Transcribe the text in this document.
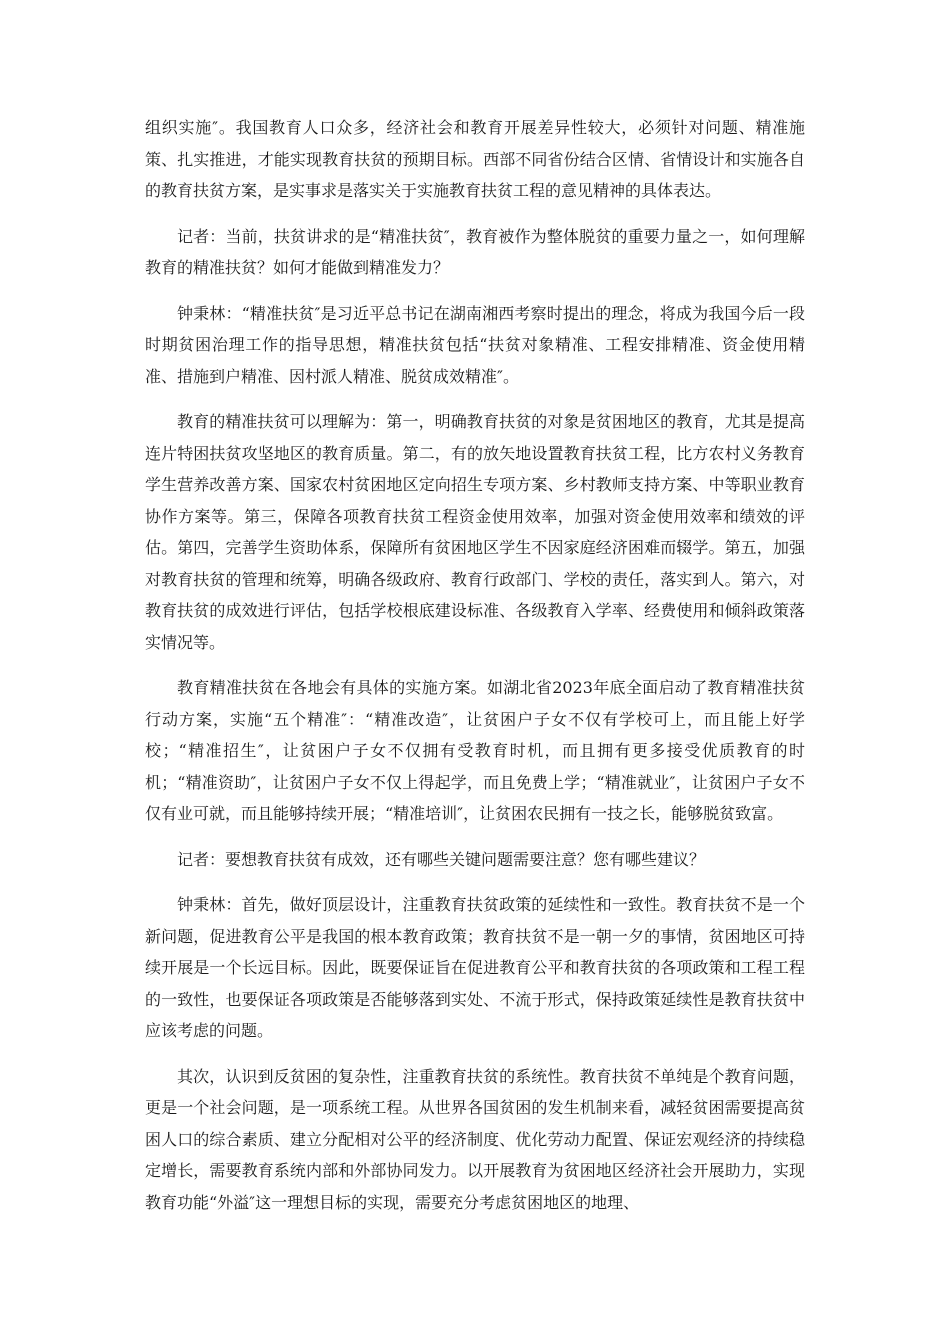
组织实施″。我国教育人口众多，经济社会和教育开展差异性较大，必须针对问题、精准施策、扎实推进，才能实现教育扶贫的预期目标。西部不同省份结合区情、省情设计和实施各自的教育扶贫方案，是实事求是落实关于实施教育扶贫工程的意见精神的具体表达。

记者：当前，扶贫讲求的是“精准扶贫″，教育被作为整体脱贫的重要力量之一，如何理解教育的精准扶贫？如何才能做到精准发力？

钟秉林：“精准扶贫″是习近平总书记在湖南湘西考察时提出的理念，将成为我国今后一段时期贫困治理工作的指导思想，精准扶贫包括“扶贫对象精准、工程安排精准、资金使用精准、措施到户精准、因村派人精准、脱贫成效精准″。

教育的精准扶贫可以理解为：第一，明确教育扶贫的对象是贫困地区的教育，尤其是提高连片特困扶贫攻坚地区的教育质量。第二，有的放矢地设置教育扶贫工程，比方农村义务教育学生营养改善方案、国家农村贫困地区定向招生专项方案、乡村教师支持方案、中等职业教育协作方案等。第三，保障各项教育扶贫工程资金使用效率，加强对资金使用效率和绩效的评估。第四，完善学生资助体系，保障所有贫困地区学生不因家庭经济困难而辍学。第五，加强对教育扶贫的管理和统筹，明确各级政府、教育行政部门、学校的责任，落实到人。第六，对教育扶贫的成效进行评估，包括学校根底建设标准、各级教育入学率、经费使用和倾斜政策落实情况等。

教育精准扶贫在各地会有具体的实施方案。如湖北省2023年底全面启动了教育精准扶贫行动方案，实施“五个精准″：“精准改造″，让贫困户子女不仅有学校可上，而且能上好学校；“精准招生″，让贫困户子女不仅拥有受教育时机，而且拥有更多接受优质教育的时机；“精准资助″，让贫困户子女不仅上得起学，而且免费上学；“精准就业″，让贫困户子女不仅有业可就，而且能够持续开展；“精准培训″，让贫困农民拥有一技之长，能够脱贫致富。

记者：要想教育扶贫有成效，还有哪些关键问题需要注意？您有哪些建议？

钟秉林：首先，做好顶层设计，注重教育扶贫政策的延续性和一致性。教育扶贫不是一个新问题，促进教育公平是我国的根本教育政策；教育扶贫不是一朝一夕的事情，贫困地区可持续开展是一个长远目标。因此，既要保证旨在促进教育公平和教育扶贫的各项政策和工程工程的一致性，也要保证各项政策是否能够落到实处、不流于形式，保持政策延续性是教育扶贫中应该考虑的问题。

其次，认识到反贫困的复杂性，注重教育扶贫的系统性。教育扶贫不单纯是个教育问题，更是一个社会问题，是一项系统工程。从世界各国贫困的发生机制来看，减轻贫困需要提高贫困人口的综合素质、建立分配相对公平的经济制度、优化劳动力配置、保证宏观经济的持续稳定增长，需要教育系统内部和外部协同发力。以开展教育为贫困地区经济社会开展助力，实现教育功能“外溢″这一理想目标的实现，需要充分考虑贫困地区的地理、
